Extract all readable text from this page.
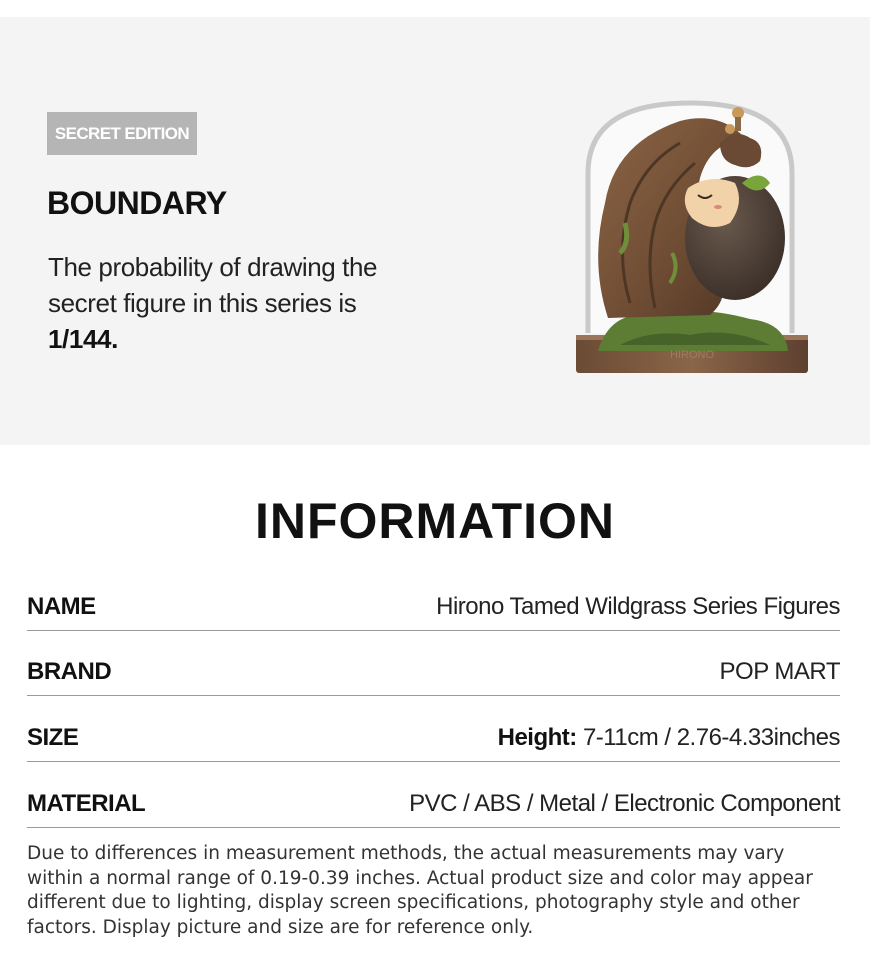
SECRET EDITION
BOUNDARY

The probability of drawing the secret figure in this series is
1/144.

HIRONO
INFORMATION
NAME	Hirono Tamed Wildgrass Series Figures
BRAND	POP MART
SIZE	Height: 7-11cm / 2.76-4.33inches
MATERIAL	PVC / ABS / Metal / Electronic Component

Due to differences in measurement methods, the actual measurements may vary within a normal range of 0.19-0.39 inches. Actual product size and color may appear different due to lighting, display screen specifications, photography style and other factors. Display picture and size are for reference only.
